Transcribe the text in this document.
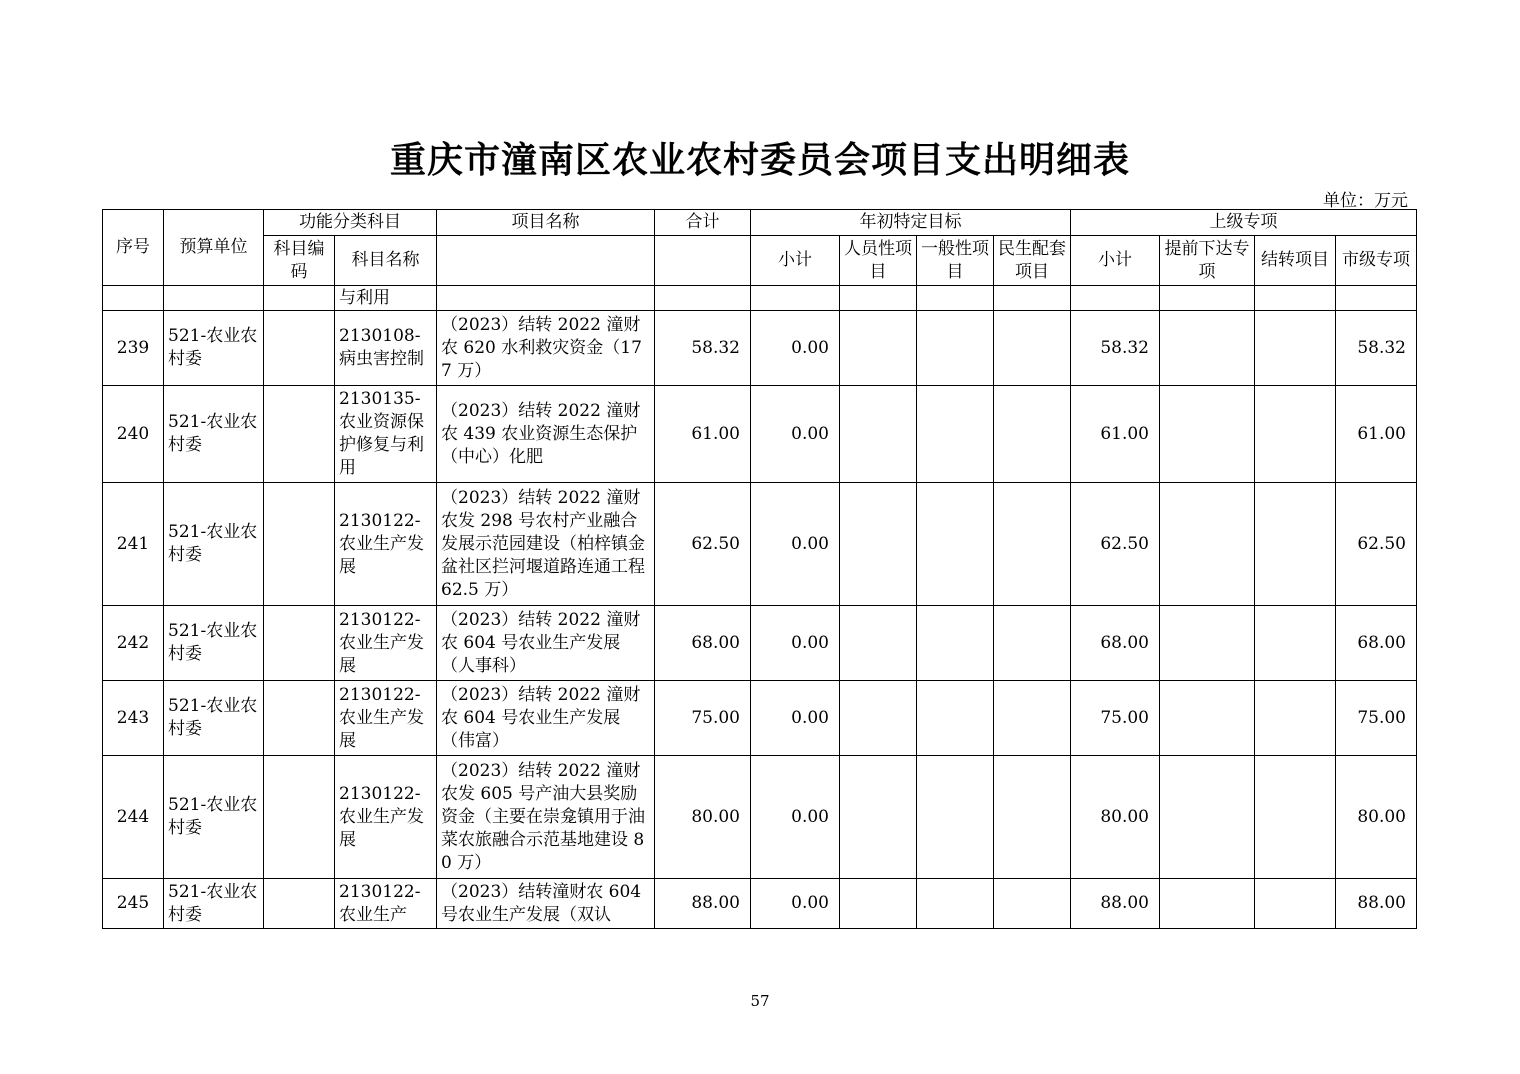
重庆市潼南区农业农村委员会项目支出明细表
单位：万元
序号	预算单位	功能分类科目		项目名称	合计	年初特定目标				上级专项			
		科目编码	科目名称			小计	人员性项目	一般性项目	民生配套项目	小计	提前下达专项	结转项目	市级专项
			与利用										
239	521-农业农村委		2130108-病虫害控制	（2023）结转 2022 潼财农 620 水利救灾资金（177 万）	58.32	0.00				58.32			58.32
240	521-农业农村委		2130135-农业资源保护修复与利用	（2023）结转 2022 潼财农 439 农业资源生态保护（中心）化肥	61.00	0.00				61.00			61.00
241	521-农业农村委		2130122-农业生产发展	（2023）结转 2022 潼财农发 298 号农村产业融合发展示范园建设（柏梓镇金盆社区拦河堰道路连通工程 62.5 万）	62.50	0.00				62.50			62.50
242	521-农业农村委		2130122-农业生产发展	（2023）结转 2022 潼财农 604 号农业生产发展（人事科）	68.00	0.00				68.00			68.00
243	521-农业农村委		2130122-农业生产发展	（2023）结转 2022 潼财农 604 号农业生产发展（伟富）	75.00	0.00				75.00			75.00
244	521-农业农村委		2130122-农业生产发展	（2023）结转 2022 潼财农发 605 号产油大县奖励资金（主要在崇龛镇用于油菜农旅融合示范基地建设 80 万）	80.00	0.00				80.00			80.00
245	521-农业农村委		2130122-农业生产	（2023）结转潼财农 604 号农业生产发展（双认	88.00	0.00				88.00			88.00
57
